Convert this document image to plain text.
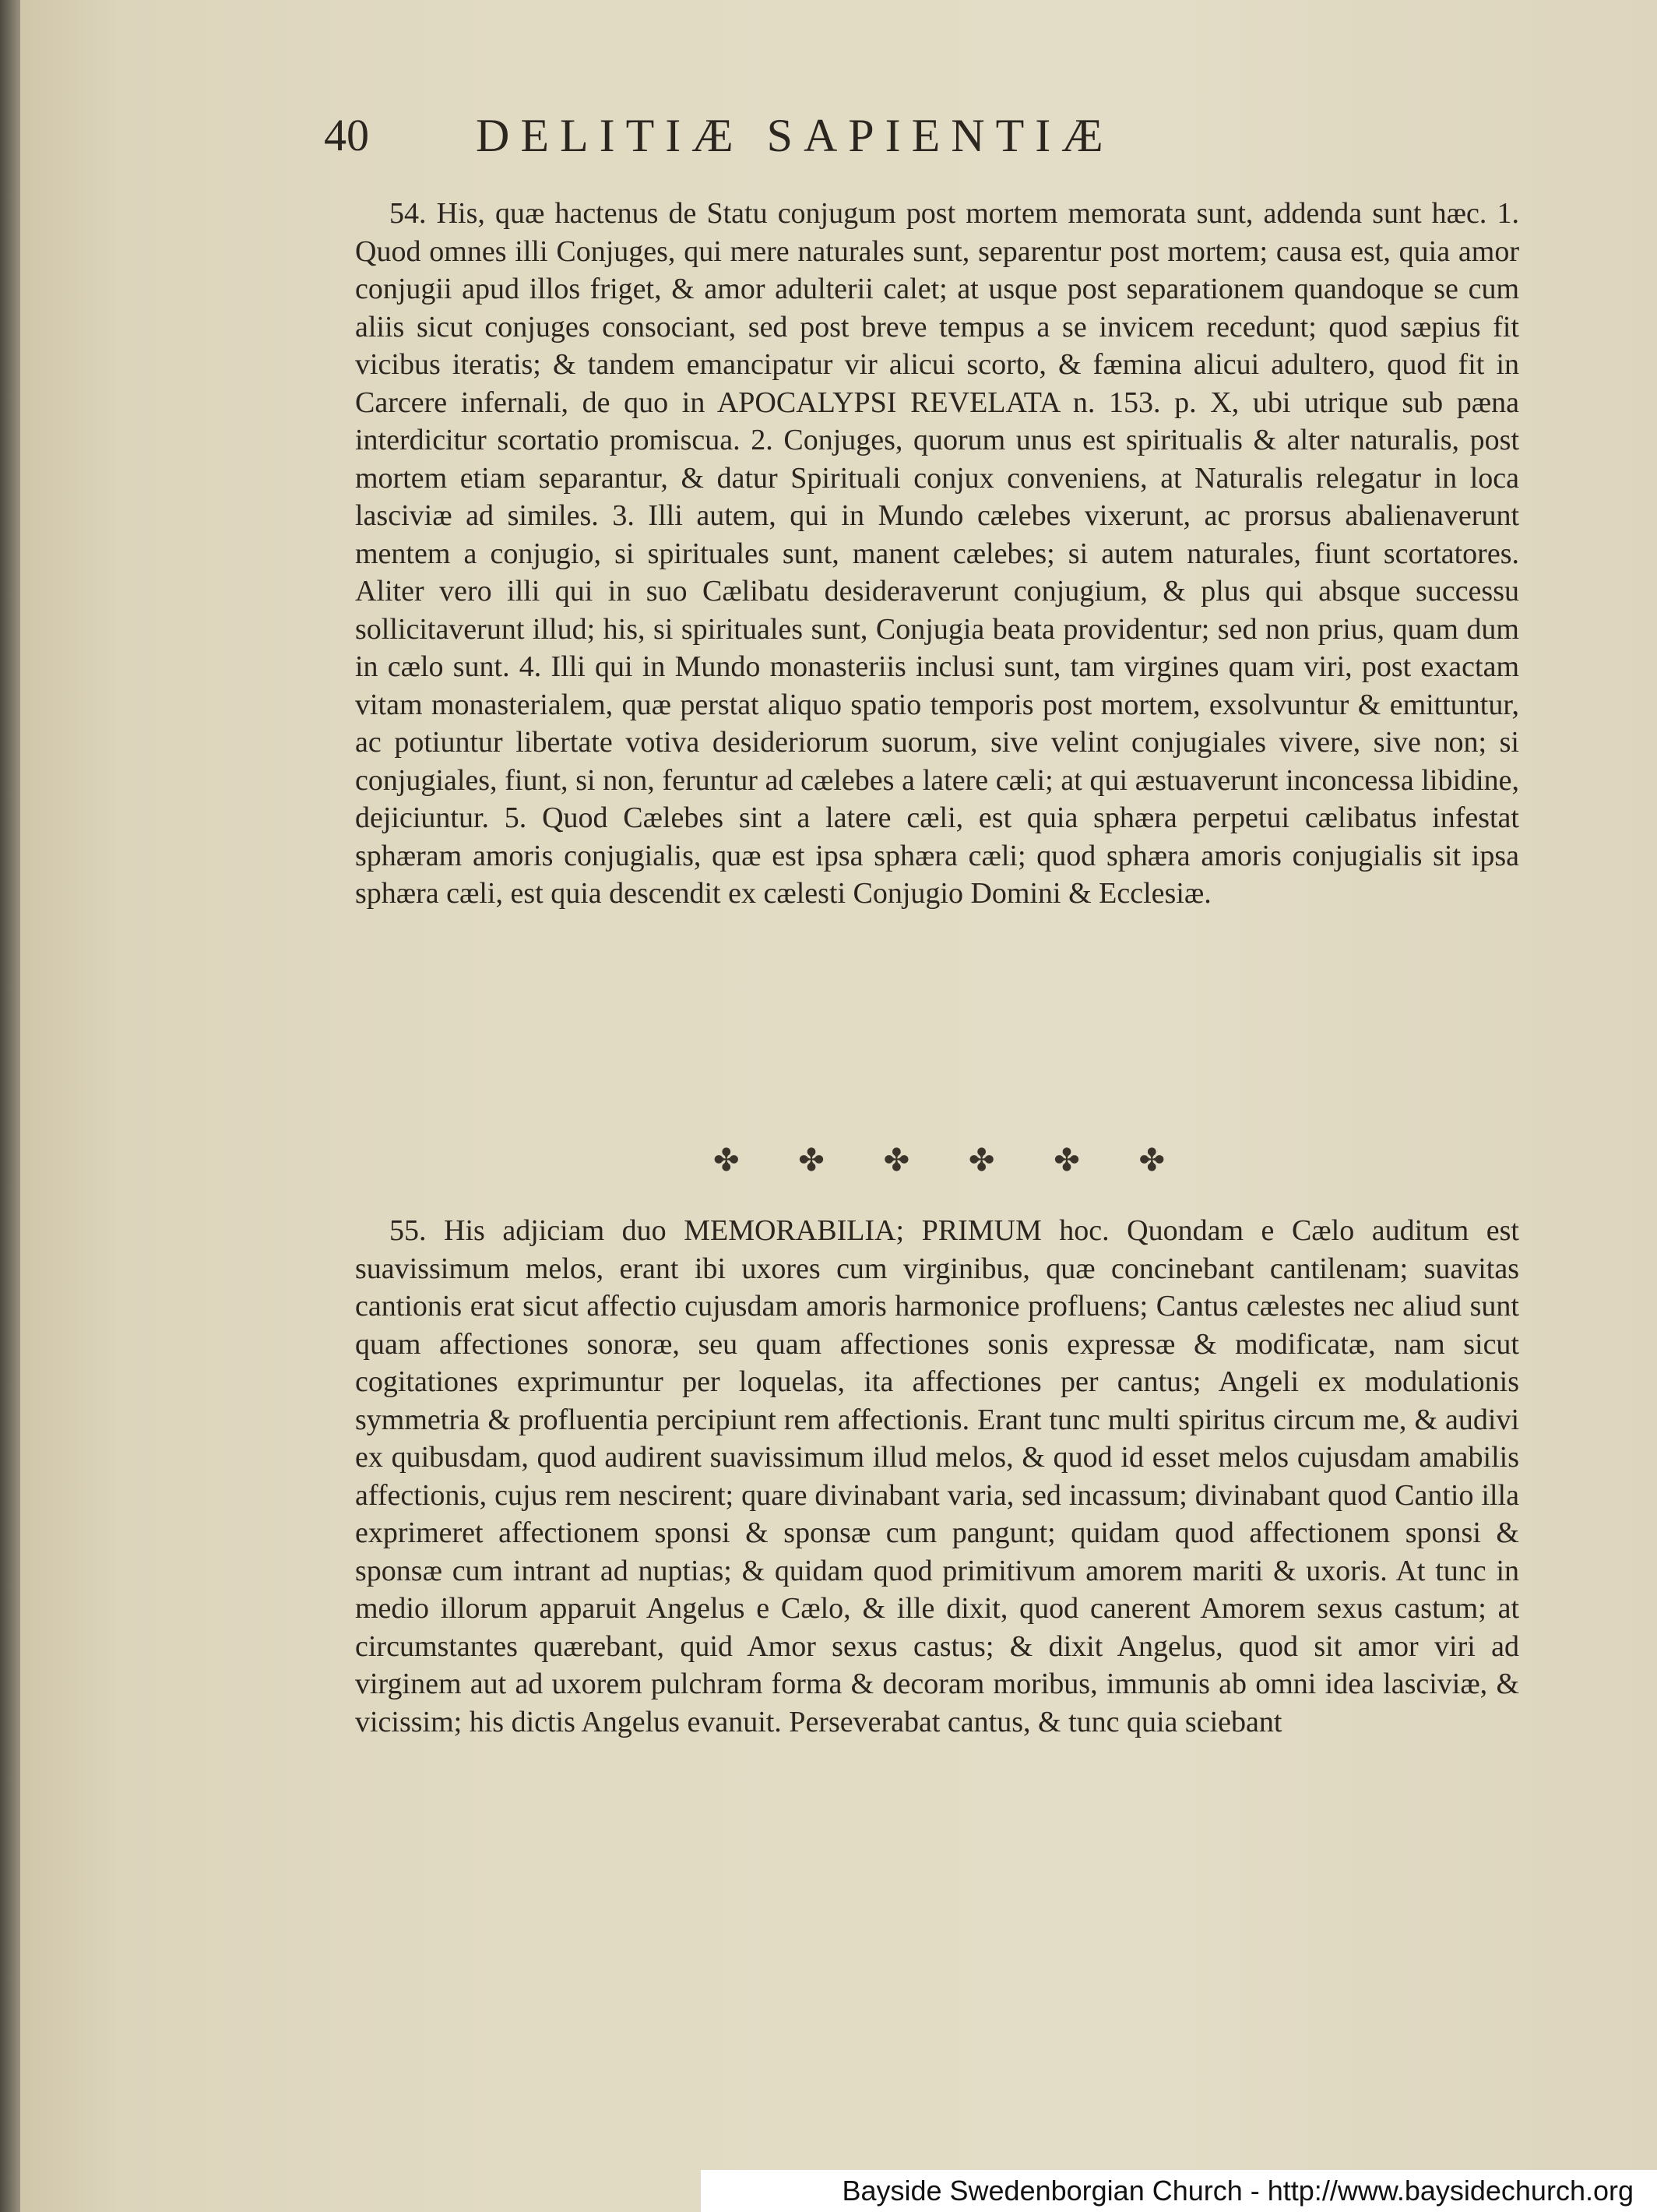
40 DELITIÆ SAPIENTIÆ

54. His, quæ hactenus de Statu conjugum post mortem memorata sunt, addenda sunt hæc. 1. Quod omnes illi Conjuges, qui mere naturales sunt, separentur post mortem; causa est, quia amor conjugii apud illos friget, & amor adulterii calet; at usque post separationem quandoque se cum aliis sicut conjuges consociant, sed post breve tempus a se invicem recedunt; quod sæpius fit vicibus iteratis; & tandem emancipatur vir alicui scorto, & fæmina alicui adultero, quod fit in Carcere infernali, de quo in APOCALYPSI REVELATA n. 153. p. X, ubi utrique sub pæna interdicitur scortatio promiscua. 2. Conjuges, quorum unus est spiritualis & alter naturalis, post mortem etiam separantur, & datur Spirituali conjux conveniens, at Naturalis relegatur in loca lasciviæ ad similes. 3. Illi autem, qui in Mundo cælebes vixerunt, ac prorsus abalienaverunt mentem a conjugio, si spirituales sunt, manent cælebes; si autem naturales, fiunt scortatores. Aliter vero illi qui in suo Cælibatu desideraverunt conjugium, & plus qui absque successu sollicitaverunt illud; his, si spirituales sunt, Conjugia beata providentur; sed non prius, quam dum in cælo sunt. 4. Illi qui in Mundo monasteriis inclusi sunt, tam virgines quam viri, post exactam vitam monasterialem, quæ perstat aliquo spatio temporis post mortem, exsolvuntur & emittuntur, ac potiuntur libertate votiva desideriorum suorum, sive velint conjugiales vivere, sive non; si conjugiales, fiunt, si non, feruntur ad cælebes a latere cæli; at qui æstuaverunt inconcessa libidine, dejiciuntur. 5. Quod Cælebes sint a latere cæli, est quia sphæra perpetui cælibatus infestat sphæram amoris conjugialis, quæ est ipsa sphæra cæli; quod sphæra amoris conjugialis sit ipsa sphæra cæli, est quia descendit ex cælesti Conjugio Domini & Ecclesiæ.

✤ ✤ ✤ ✤ ✤ ✤

55. His adjiciam duo MEMORABILIA; PRIMUM hoc. Quondam e Cælo auditum est suavissimum melos, erant ibi uxores cum virginibus, quæ concinebant cantilenam; suavitas cantionis erat sicut affectio cujusdam amoris harmonice profluens; Cantus cælestes nec aliud sunt quam affectiones sonoræ, seu quam affectiones sonis expressæ & modificatæ, nam sicut cogitationes exprimuntur per loquelas, ita affectiones per cantus; Angeli ex modulationis symmetria & profluentia percipiunt rem affectionis. Erant tunc multi spiritus circum me, & audivi ex quibusdam, quod audirent suavissimum illud melos, & quod id esset melos cujusdam amabilis affectionis, cujus rem nescirent; quare divinabant varia, sed incassum; divinabant quod Cantio illa exprimeret affectionem sponsi & sponsæ cum pangunt; quidam quod affectionem sponsi & sponsæ cum intrant ad nuptias; & quidam quod primitivum amorem mariti & uxoris. At tunc in medio illorum apparuit Angelus e Cælo, & ille dixit, quod canerent Amorem sexus castum; at circumstantes quærebant, quid Amor sexus castus; & dixit Angelus, quod sit amor viri ad virginem aut ad uxorem pulchram forma & decoram moribus, immunis ab omni idea lasciviæ, & vicissim; his dictis Angelus evanuit. Perseverabat cantus, & tunc quia sciebant

Bayside Swedenborgian Church - http://www.baysidechurch.org
